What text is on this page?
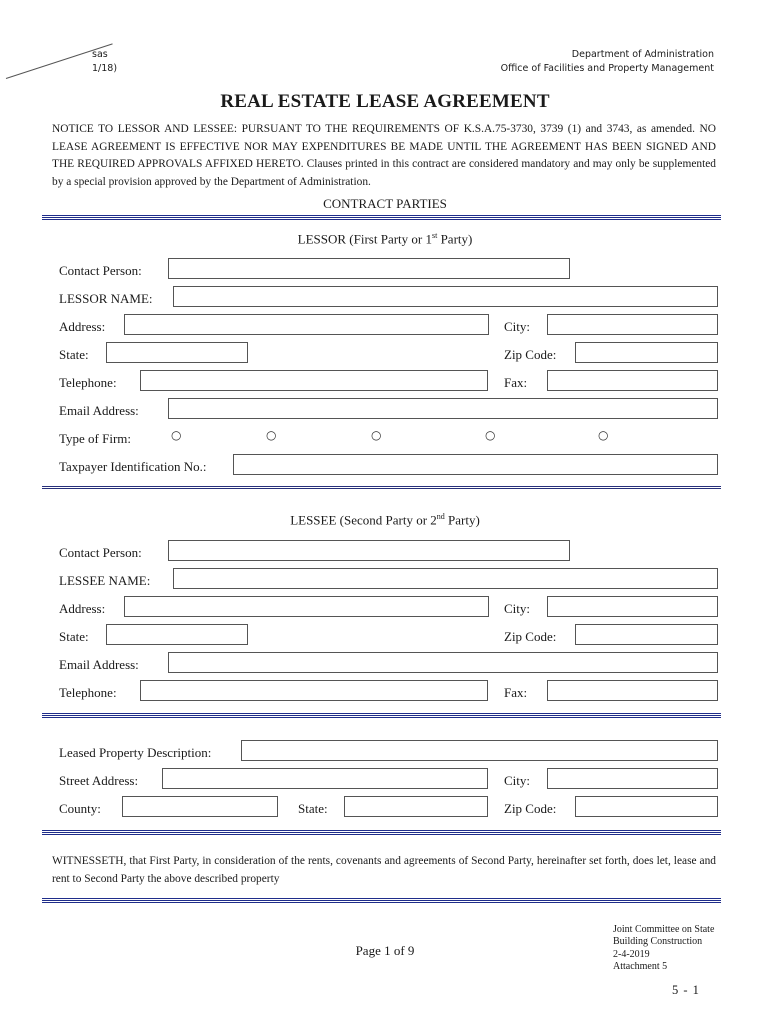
sas
1/18)
Department of Administration
Office of Facilities and Property Management
REAL ESTATE LEASE AGREEMENT
NOTICE TO LESSOR AND LESSEE: PURSUANT TO THE REQUIREMENTS OF K.S.A.75-3730, 3739 (1) and 3743, as amended. NO LEASE AGREEMENT IS EFFECTIVE NOR MAY EXPENDITURES BE MADE UNTIL THE AGREEMENT HAS BEEN SIGNED AND THE REQUIRED APPROVALS AFFIXED HERETO. Clauses printed in this contract are considered mandatory and may only be supplemented by a special provision approved by the Department of Administration.
CONTRACT PARTIES
LESSOR (First Party or 1st Party)
Contact Person:
LESSOR NAME:
Address:	City:
State:	Zip Code:
Telephone:	Fax:
Email Address:
Type of Firm:	○	○	○	○	○
Taxpayer Identification No.:
LESSEE (Second Party or 2nd Party)
Contact Person:
LESSEE NAME:
Address:	City:
State:	Zip Code:
Email Address:
Telephone:	Fax:
Leased Property Description:
Street Address:	City:
County:	State:	Zip Code:
WITNESSETH, that First Party, in consideration of the rents, covenants and agreements of Second Party, hereinafter set forth, does let, lease and rent to Second Party the above described property
Joint Committee on State
Building Construction
2-4-2019
Attachment 5
Page 1 of 9
5 - 1
